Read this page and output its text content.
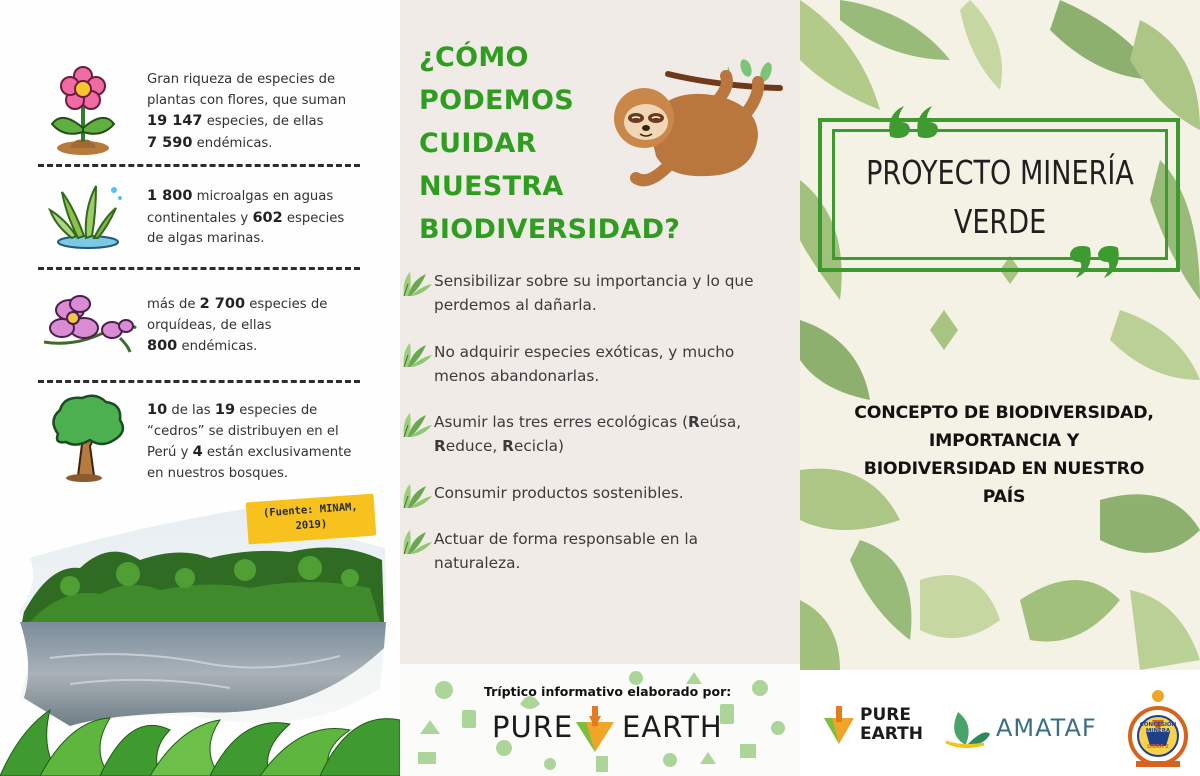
Gran riqueza de especies de
plantas con flores, que suman
19 147 especies, de ellas
7 590 endémicas.
1 800 microalgas en aguas
continentales y 602 especies
de algas marinas.
más de 2 700 especies de
orquídeas, de ellas
800 endémicas.
10 de las 19 especies de
“cedros” se distribuyen en el
Perú y 4 están exclusivamente
en nuestros bosques.
(Fuente: MINAM,
2019)
¿CÓMO
PODEMOS
CUIDAR
NUESTRA
BIODIVERSIDAD?
Sensibilizar sobre su importancia y lo que perdemos al dañarla.
No adquirir especies exóticas, y mucho menos abandonarlas.
Asumir las tres erres ecológicas (Reúsa, Reduce, Recicla)
Consumir productos sostenibles.
Actuar de forma responsable en la naturaleza.
Tríptico informativo elaborado por:
PURE EARTH
PROYECTO MINERÍA
VERDE
CONCEPTO DE BIODIVERSIDAD,
IMPORTANCIA Y
BIODIVERSIDAD EN NUESTRO
PAÍS
PURE
EARTH	AMATAF	CONCESIÓN MINERA
LIBRA 2
